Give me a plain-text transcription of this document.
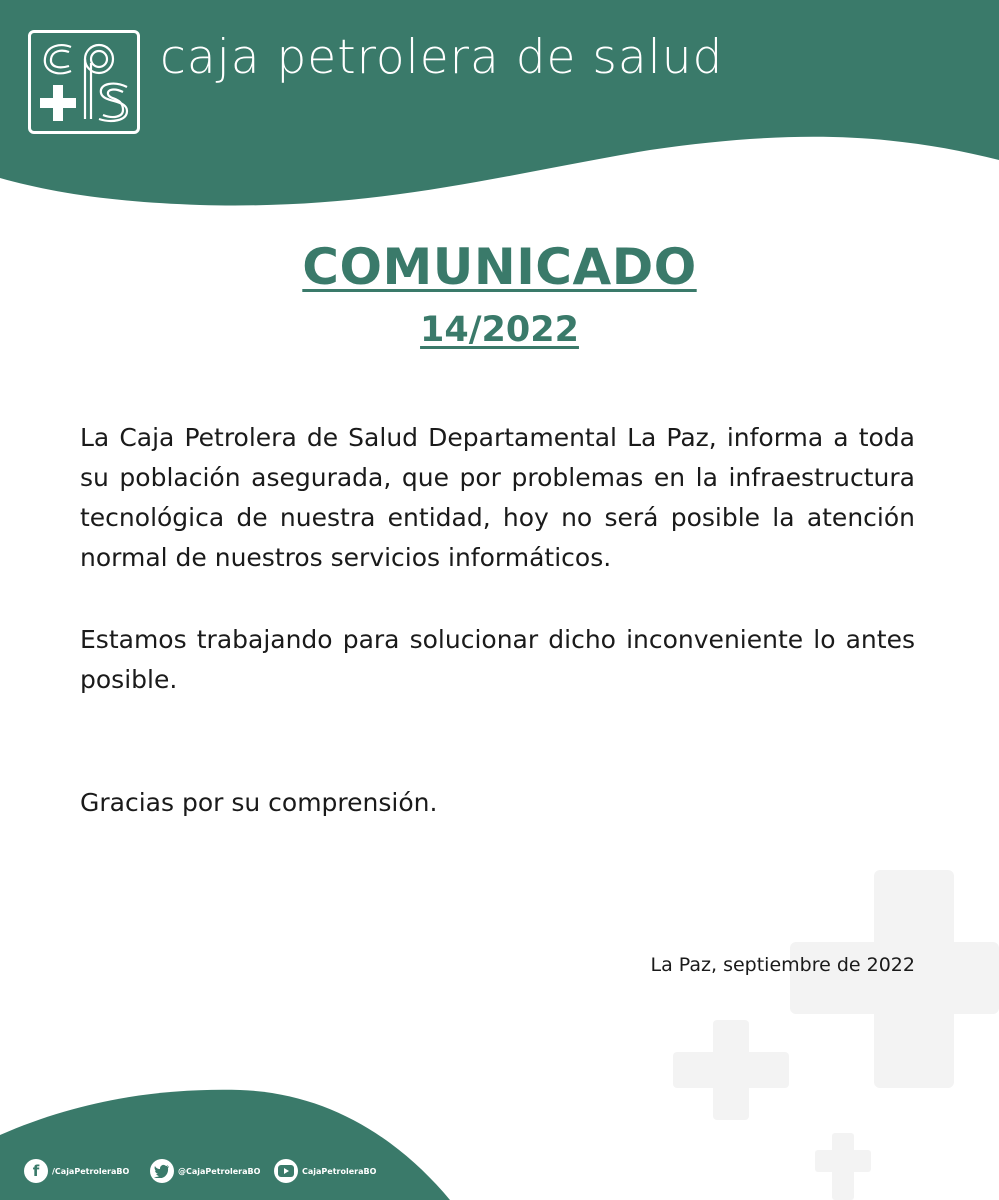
caja petrolera de salud
COMUNICADO
14/2022

La Caja Petrolera de Salud Departamental La Paz, informa a toda su población asegurada, que por problemas en la infraestructura tecnológica de nuestra entidad, hoy no será posible la atención normal de nuestros servicios informáticos.

Estamos trabajando para solucionar dicho inconveniente lo antes posible.

Gracias por su comprensión.

La Paz, septiembre de 2022
f	/CajaPetroleraBO	@CajaPetroleraBO	CajaPetroleraBO
